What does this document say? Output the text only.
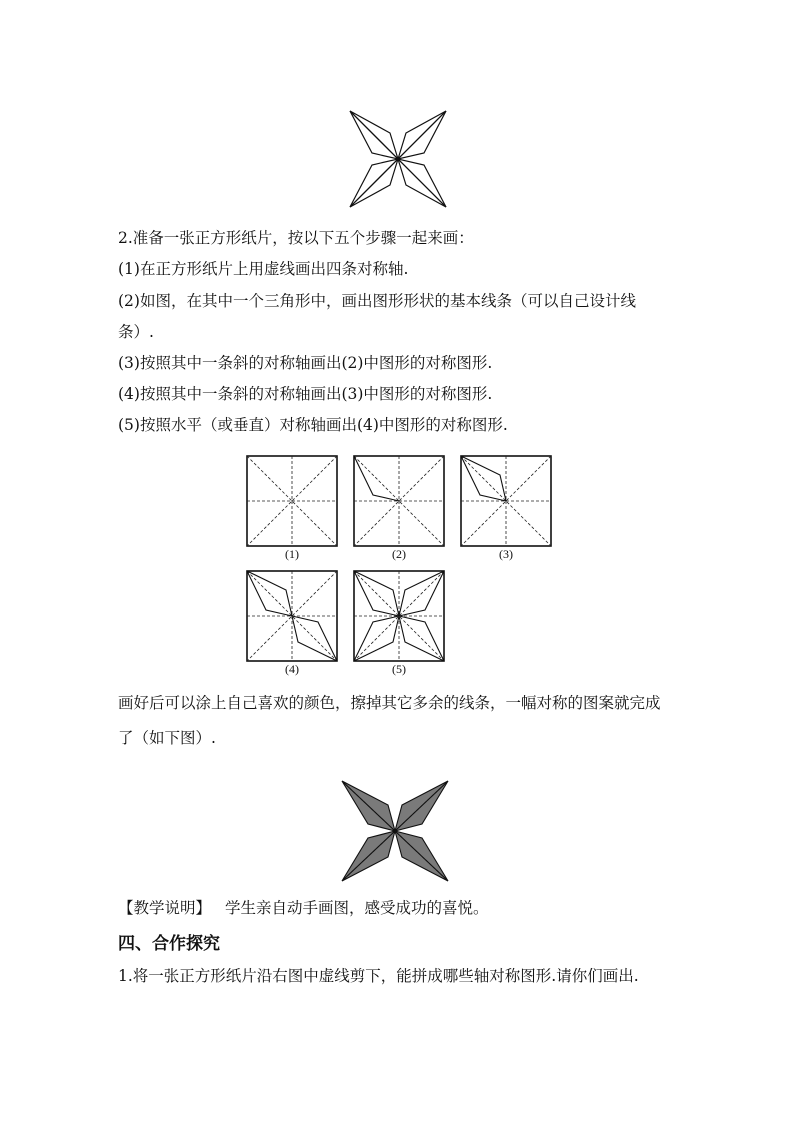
2.准备一张正方形纸片，按以下五个步骤一起来画：
(1)在正方形纸片上用虚线画出四条对称轴.
(2)如图，在其中一个三角形中，画出图形形状的基本线条（可以自己设计线
条）.
(3)按照其中一条斜的对称轴画出(2)中图形的对称图形.
(4)按照其中一条斜的对称轴画出(3)中图形的对称图形.
(5)按照水平（或垂直）对称轴画出(4)中图形的对称图形.
(1)	(2)	(3)
(4)	(5)
画好后可以涂上自己喜欢的颜色，擦掉其它多余的线条，一幅对称的图案就完成
了（如下图）.
【教学说明】 学生亲自动手画图，感受成功的喜悦。
四、合作探究
1.将一张正方形纸片沿右图中虚线剪下，能拼成哪些轴对称图形.请你们画出.
